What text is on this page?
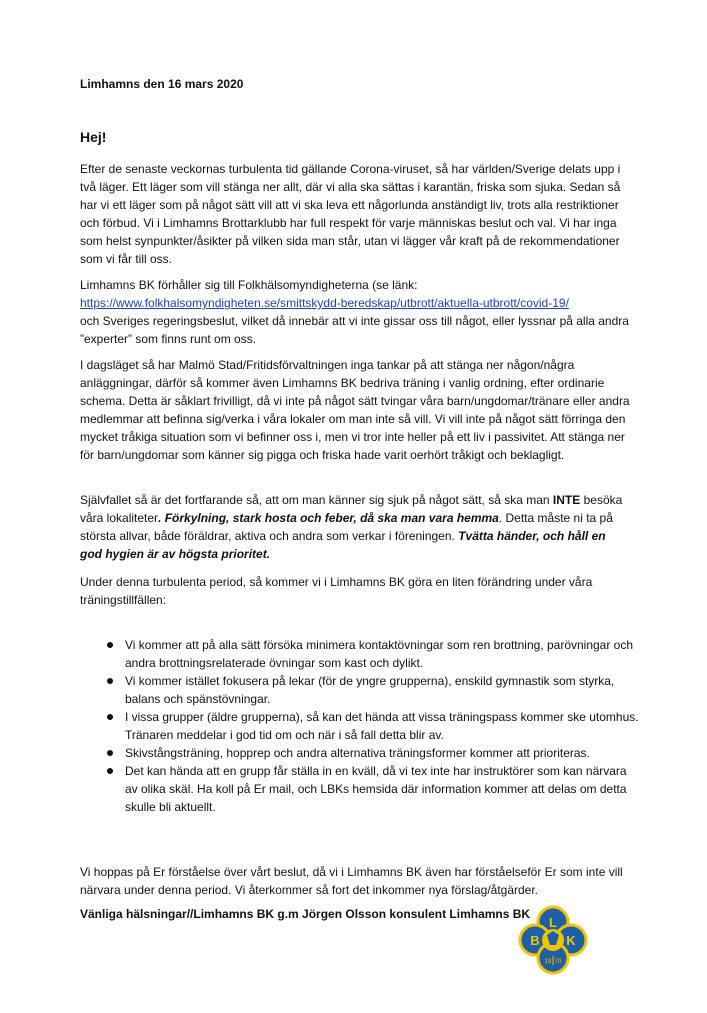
Limhamns den 16 mars 2020
Hej!

Efter de senaste veckornas turbulenta tid gällande Corona-viruset, så har världen/Sverige delats upp i två läger. Ett läger som vill stänga ner allt, där vi alla ska sättas i karantän, friska som sjuka. Sedan så har vi ett läger som på något sätt vill att vi ska leva ett någorlunda anständigt liv, trots alla restriktioner och förbud. Vi i Limhamns Brottarklubb har full respekt för varje människas beslut och val. Vi har inga som helst synpunkter/åsikter på vilken sida man står, utan vi lägger vår kraft på de rekommendationer som vi får till oss.

Limhamns BK förhåller sig till Folkhälsomyndigheterna (se länk:
https://www.folkhalsomyndigheten.se/smittskydd-beredskap/utbrott/aktuella-utbrott/covid-19/
och Sveriges regeringsbeslut, vilket då innebär att vi inte gissar oss till något, eller lyssnar på alla andra ”experter” som finns runt om oss.

I dagsläget så har Malmö Stad/Fritidsförvaltningen inga tankar på att stänga ner någon/några anläggningar, därför så kommer även Limhamns BK bedriva träning i vanlig ordning, efter ordinarie schema. Detta är såklart frivilligt, då vi inte på något sätt tvingar våra barn/ungdomar/tränare eller andra medlemmar att befinna sig/verka i våra lokaler om man inte så vill. Vi vill inte på något sätt förringa den mycket tråkiga situation som vi befinner oss i, men vi tror inte heller på ett liv i passivitet. Att stänga ner för barn/ungdomar som känner sig pigga och friska hade varit oerhört tråkigt och beklagligt.

Självfallet så är det fortfarande så, att om man känner sig sjuk på något sätt, så ska man INTE besöka våra lokaliteter. Förkylning, stark hosta och feber, då ska man vara hemma. Detta måste ni ta på största allvar, både föräldrar, aktiva och andra som verkar i föreningen. Tvätta händer, och håll en god hygien är av högsta prioritet.

Under denna turbulenta period, så kommer vi i Limhamns BK göra en liten förändring under våra träningstillfällen:

Vi kommer att på alla sätt försöka minimera kontaktövningar som ren brottning, parövningar och andra brottningsrelaterade övningar som kast och dylikt.
Vi kommer istället fokusera på lekar (för de yngre grupperna), enskild gymnastik som styrka, balans och spänstövningar.
I vissa grupper (äldre grupperna), så kan det hända att vissa träningspass kommer ske utomhus. Tränaren meddelar i god tid om och när i så fall detta blir av.
Skivstångsträning, hopprep och andra alternativa träningsformer kommer att prioriteras.
Det kan hända att en grupp får ställa in en kväll, då vi tex inte har instruktörer som kan närvara av olika skäl. Ha koll på Er mail, och LBKs hemsida där information kommer att delas om detta skulle bli aktuellt.

Vi hoppas på Er förståelse över vårt beslut, då vi i Limhamns BK även har förståelseför Er som inte vill närvara under denna period. Vi återkommer så fort det inkommer nya förslag/åtgärder.

Vänliga hälsningar//Limhamns BK g.m Jörgen Olsson konsulent Limhamns BK
L
B K
19 70
